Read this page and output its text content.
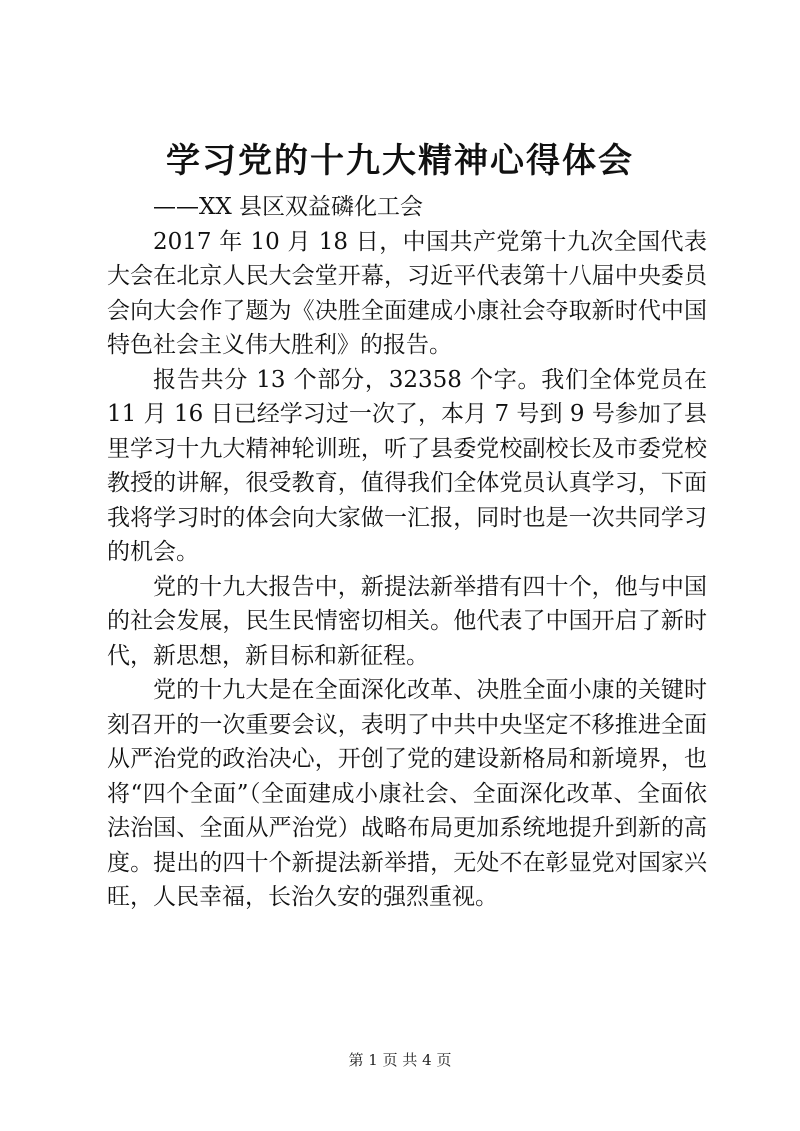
学习党的十九大精神心得体会

——XX 县区双益磷化工会

2017 年 10 月 18 日，中国共产党第十九次全国代表大会在北京人民大会堂开幕，习近平代表第十八届中央委员会向大会作了题为《决胜全面建成小康社会夺取新时代中国特色社会主义伟大胜利》的报告。

报告共分 13 个部分，32358 个字。我们全体党员在 11 月 16 日已经学习过一次了，本月 7 号到 9 号参加了县里学习十九大精神轮训班，听了县委党校副校长及市委党校教授的讲解，很受教育，值得我们全体党员认真学习，下面我将学习时的体会向大家做一汇报，同时也是一次共同学习的机会。

党的十九大报告中，新提法新举措有四十个，他与中国的社会发展，民生民情密切相关。他代表了中国开启了新时代，新思想，新目标和新征程。

党的十九大是在全面深化改革、决胜全面小康的关键时刻召开的一次重要会议，表明了中共中央坚定不移推进全面从严治党的政治决心，开创了党的建设新格局和新境界，也将“四个全面”（全面建成小康社会、全面深化改革、全面依法治国、全面从严治党）战略布局更加系统地提升到新的高度。提出的四十个新提法新举措，无处不在彰显党对国家兴旺，人民幸福，长治久安的强烈重视。

第 1 页 共 4 页
